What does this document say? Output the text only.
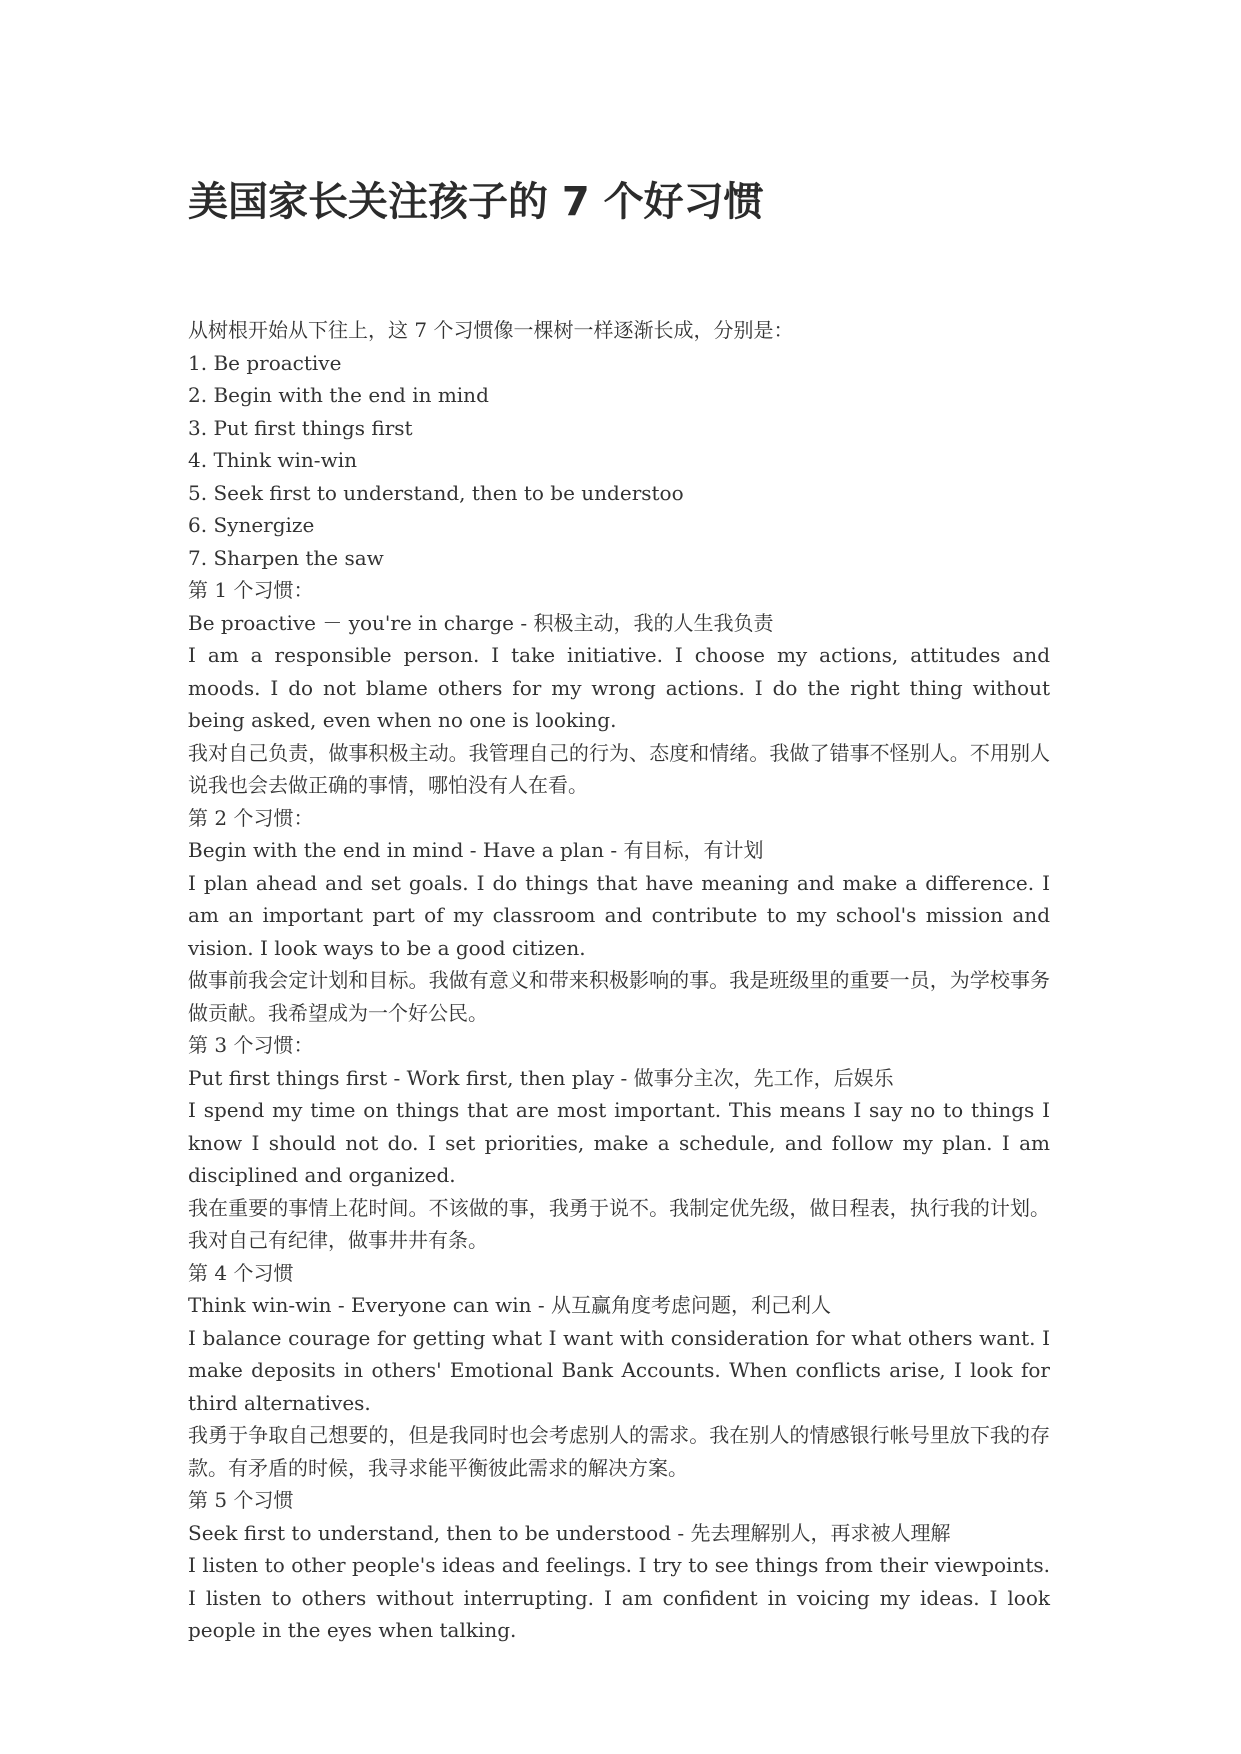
美国家长关注孩子的 7 个好习惯

从树根开始从下往上，这 7 个习惯像一棵树一样逐渐长成，分别是：

1. Be proactive

2. Begin with the end in mind

3. Put first things first

4. Think win-win

5. Seek first to understand, then to be understoo

6. Synergize

7. Sharpen the saw

第 1 个习惯：

Be proactive － you're in charge - 积极主动，我的人生我负责

I am a responsible person. I take initiative. I choose my actions, attitudes and moods. I do not blame others for my wrong actions. I do the right thing without being asked, even when no one is looking.

我对自己负责，做事积极主动。我管理自己的行为、态度和情绪。我做了错事不怪别人。不用别人说我也会去做正确的事情，哪怕没有人在看。

第 2 个习惯：

Begin with the end in mind - Have a plan - 有目标，有计划

I plan ahead and set goals. I do things that have meaning and make a difference. I am an important part of my classroom and contribute to my school's mission and vision. I look ways to be a good citizen.

做事前我会定计划和目标。我做有意义和带来积极影响的事。我是班级里的重要一员，为学校事务做贡献。我希望成为一个好公民。

第 3 个习惯：

Put first things first - Work first, then play - 做事分主次，先工作，后娱乐

I spend my time on things that are most important. This means I say no to things I know I should not do. I set priorities, make a schedule, and follow my plan. I am disciplined and organized.

我在重要的事情上花时间。不该做的事，我勇于说不。我制定优先级，做日程表，执行我的计划。我对自己有纪律，做事井井有条。

第 4 个习惯

Think win-win - Everyone can win - 从互赢角度考虑问题，利己利人

I balance courage for getting what I want with consideration for what others want. I make deposits in others' Emotional Bank Accounts. When conflicts arise, I look for third alternatives.

我勇于争取自己想要的，但是我同时也会考虑别人的需求。我在别人的情感银行帐号里放下我的存款。有矛盾的时候，我寻求能平衡彼此需求的解决方案。

第 5 个习惯

Seek first to understand, then to be understood - 先去理解别人，再求被人理解

I listen to other people's ideas and feelings. I try to see things from their viewpoints. I listen to others without interrupting. I am confident in voicing my ideas. I look people in the eyes when talking.
